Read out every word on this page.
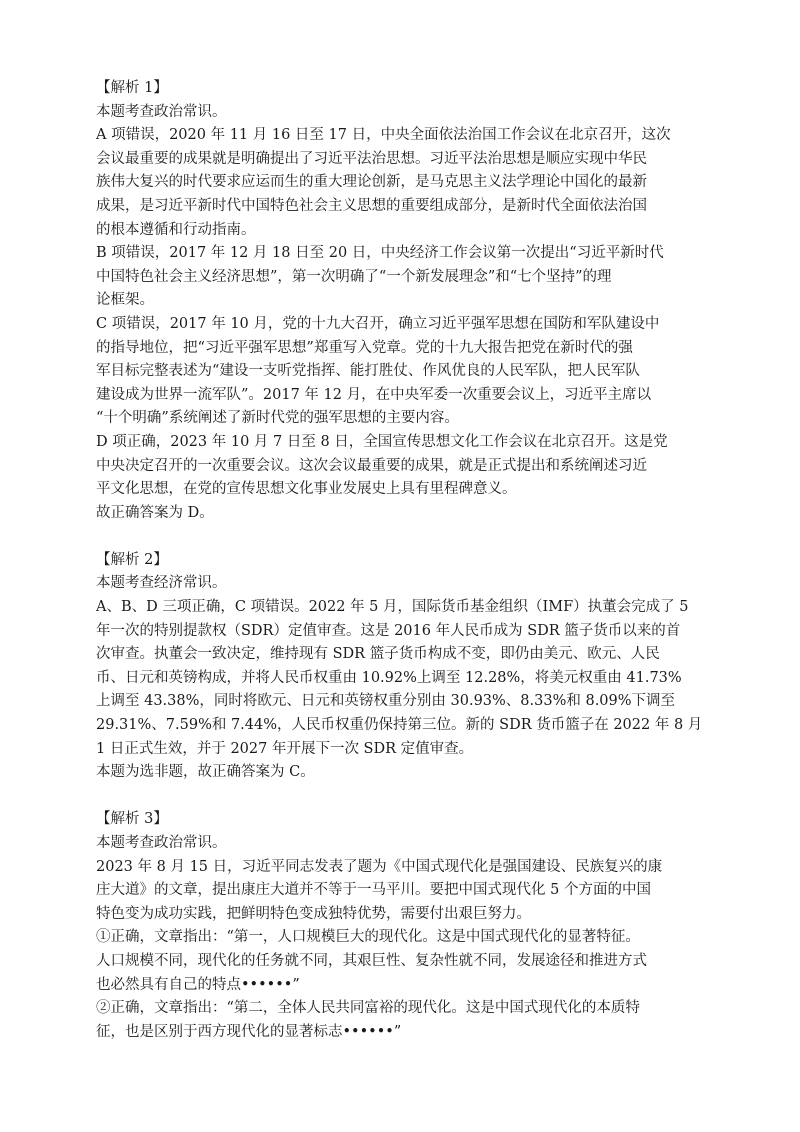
【解析 1】
本题考查政治常识。
A 项错误，2020 年 11 月 16 日至 17 日，中央全面依法治国工作会议在北京召开，这次
会议最重要的成果就是明确提出了习近平法治思想。习近平法治思想是顺应实现中华民
族伟大复兴的时代要求应运而生的重大理论创新，是马克思主义法学理论中国化的最新
成果，是习近平新时代中国特色社会主义思想的重要组成部分，是新时代全面依法治国
的根本遵循和行动指南。
B 项错误，2017 年 12 月 18 日至 20 日，中央经济工作会议第一次提出“习近平新时代
中国特色社会主义经济思想”，第一次明确了“一个新发展理念”和“七个坚持”的理
论框架。
C 项错误，2017 年 10 月，党的十九大召开，确立习近平强军思想在国防和军队建设中
的指导地位，把“习近平强军思想”郑重写入党章。党的十九大报告把党在新时代的强
军目标完整表述为“建设一支听党指挥、能打胜仗、作风优良的人民军队，把人民军队
建设成为世界一流军队”。2017 年 12 月，在中央军委一次重要会议上，习近平主席以
“十个明确”系统阐述了新时代党的强军思想的主要内容。
D 项正确，2023 年 10 月 7 日至 8 日，全国宣传思想文化工作会议在北京召开。这是党
中央决定召开的一次重要会议。这次会议最重要的成果，就是正式提出和系统阐述习近
平文化思想，在党的宣传思想文化事业发展史上具有里程碑意义。
故正确答案为 D。
【解析 2】
本题考查经济常识。
A、B、D 三项正确，C 项错误。2022 年 5 月，国际货币基金组织（IMF）执董会完成了 5
年一次的特别提款权（SDR）定值审查。这是 2016 年人民币成为 SDR 篮子货币以来的首
次审查。执董会一致决定，维持现有 SDR 篮子货币构成不变，即仍由美元、欧元、人民
币、日元和英镑构成，并将人民币权重由 10.92%上调至 12.28%，将美元权重由 41.73%
上调至 43.38%，同时将欧元、日元和英镑权重分别由 30.93%、8.33%和 8.09%下调至
29.31%、7.59%和 7.44%，人民币权重仍保持第三位。新的 SDR 货币篮子在 2022 年 8 月
1 日正式生效，并于 2027 年开展下一次 SDR 定值审查。
本题为选非题，故正确答案为 C。
【解析 3】
本题考查政治常识。
2023 年 8 月 15 日，习近平同志发表了题为《中国式现代化是强国建设、民族复兴的康
庄大道》的文章，提出康庄大道并不等于一马平川。要把中国式现代化 5 个方面的中国
特色变为成功实践，把鲜明特色变成独特优势，需要付出艰巨努力。
①正确，文章指出：“第一，人口规模巨大的现代化。这是中国式现代化的显著特征。
人口规模不同，现代化的任务就不同，其艰巨性、复杂性就不同，发展途径和推进方式
也必然具有自己的特点••••••”
②正确，文章指出：“第二，全体人民共同富裕的现代化。这是中国式现代化的本质特
征，也是区别于西方现代化的显著标志••••••”
